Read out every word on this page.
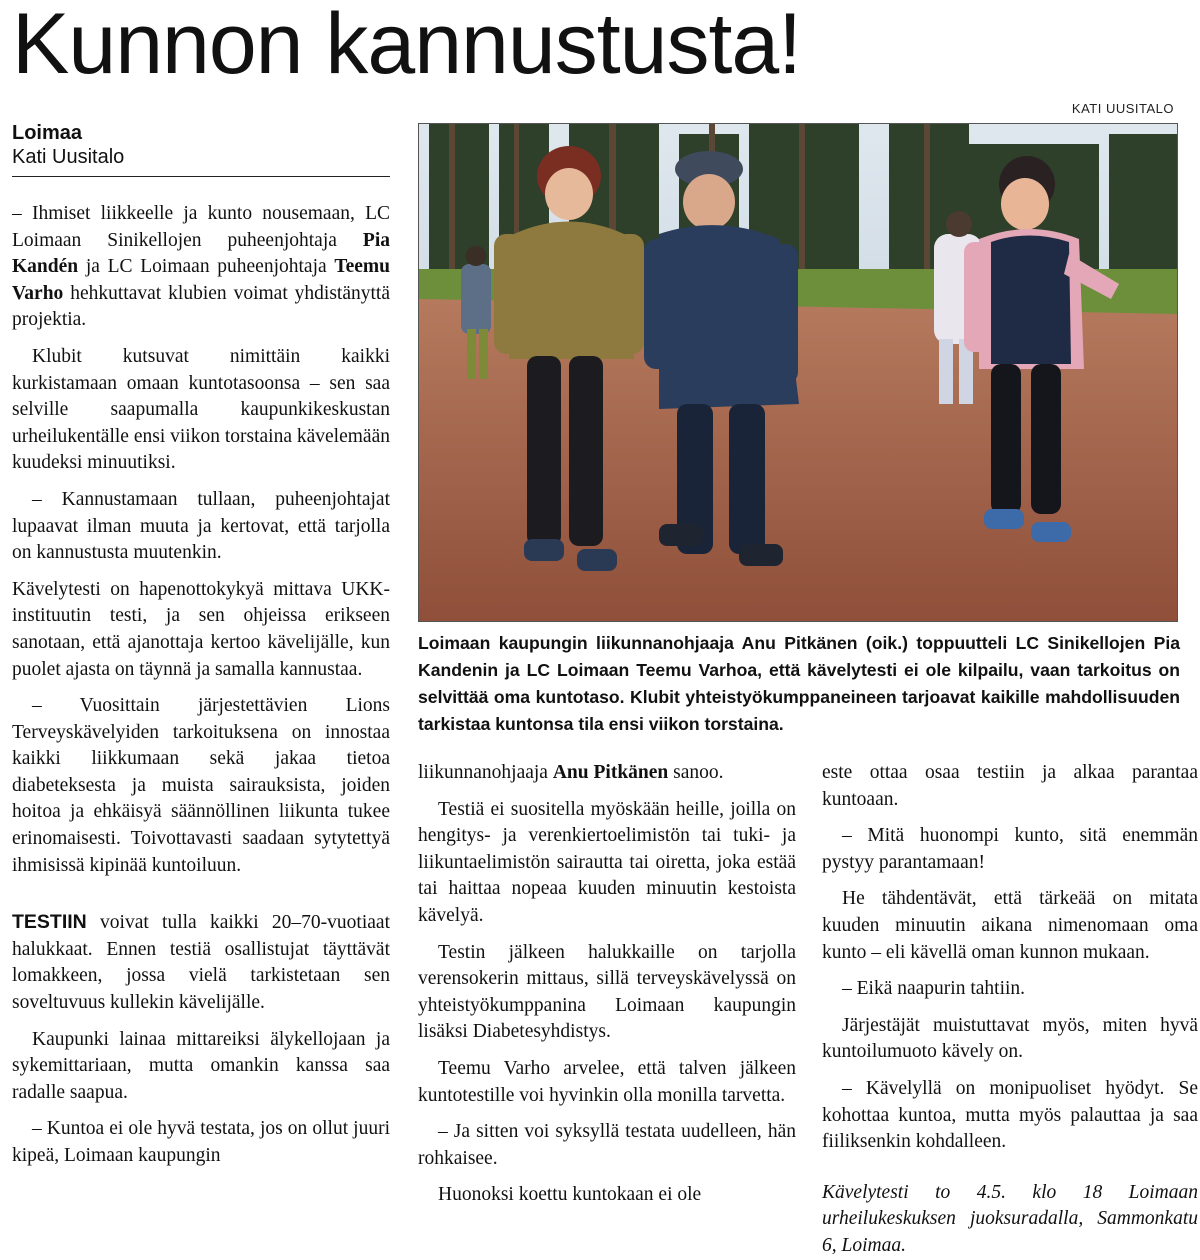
Kunnon kannustusta!
Loimaa
Kati Uusitalo
KATI UUSITALO
Loimaan kaupungin liikunnanohjaaja Anu Pitkänen (oik.) toppuutteli LC Sinikellojen Pia Kandenin ja LC Loimaan Teemu Varhoa, että kävelytesti ei ole kilpailu, vaan tarkoitus on selvittää oma kuntotaso. Klubit yhteistyökumppaneineen tarjoavat kaikille mahdollisuuden tarkistaa kuntonsa tila ensi viikon torstaina.

– Ihmiset liikkeelle ja kunto nousemaan, LC Loimaan Sinikellojen puheenjohtaja Pia Kandén ja LC Loimaan puheenjohtaja Teemu Varho hehkuttavat klubien voimat yhdistänyttä projektia.

Klubit kutsuvat nimittäin kaikki kurkistamaan omaan kuntotasoonsa – sen saa selville saapumalla kaupunkikeskustan urheilukentälle ensi viikon torstaina kävelemään kuudeksi minuutiksi.

– Kannustamaan tullaan, puheenjohtajat lupaavat ilman muuta ja kertovat, että tarjolla on kannustusta muutenkin.

Kävelytesti on hapenottokykyä mittava UKK-instituutin testi, ja sen ohjeissa erikseen sanotaan, että ajanottaja kertoo kävelijälle, kun puolet ajasta on täynnä ja samalla kannustaa.

– Vuosittain järjestettävien Lions Terveyskävelyiden tarkoituksena on innostaa kaikki liikkumaan sekä jakaa tietoa diabeteksesta ja muista sairauksista, joiden hoitoa ja ehkäisyä säännöllinen liikunta tukee erinomaisesti. Toivottavasti saadaan sytytettyä ihmisissä kipinää kuntoiluun.

TESTIIN voivat tulla kaikki 20–70-vuotiaat halukkaat. Ennen testiä osallistujat täyttävät lomakkeen, jossa vielä tarkistetaan sen soveltuvuus kullekin kävelijälle.

Kaupunki lainaa mittareiksi älykellojaan ja sykemittariaan, mutta omankin kanssa saa radalle saapua.

– Kuntoa ei ole hyvä testata, jos on ollut juuri kipeä, Loimaan kaupungin

liikunnanohjaaja Anu Pitkänen sanoo.

Testiä ei suositella myöskään heille, joilla on hengitys- ja verenkiertoelimistön tai tuki- ja liikuntaelimistön sairautta tai oiretta, joka estää tai haittaa nopeaa kuuden minuutin kestoista kävelyä.

Testin jälkeen halukkaille on tarjolla verensokerin mittaus, sillä terveyskävelyssä on yhteistyökumppanina Loimaan kaupungin lisäksi Diabetesyhdistys.

Teemu Varho arvelee, että talven jälkeen kuntotestille voi hyvinkin olla monilla tarvetta.

– Ja sitten voi syksyllä testata uudelleen, hän rohkaisee.

Huonoksi koettu kuntokaan ei ole

este ottaa osaa testiin ja alkaa parantaa kuntoaan.

– Mitä huonompi kunto, sitä enemmän pystyy parantamaan!

He tähdentävät, että tärkeää on mitata kuuden minuutin aikana nimenomaan oma kunto – eli kävellä oman kunnon mukaan.

– Eikä naapurin tahtiin.

Järjestäjät muistuttavat myös, miten hyvä kuntoilumuoto kävely on.

– Kävelyllä on monipuoliset hyödyt. Se kohottaa kuntoa, mutta myös palauttaa ja saa fiiliksenkin kohdalleen.

Kävelytesti to 4.5. klo 18 Loimaan urheilukeskuksen juoksuradalla, Sammonkatu 6, Loimaa.
